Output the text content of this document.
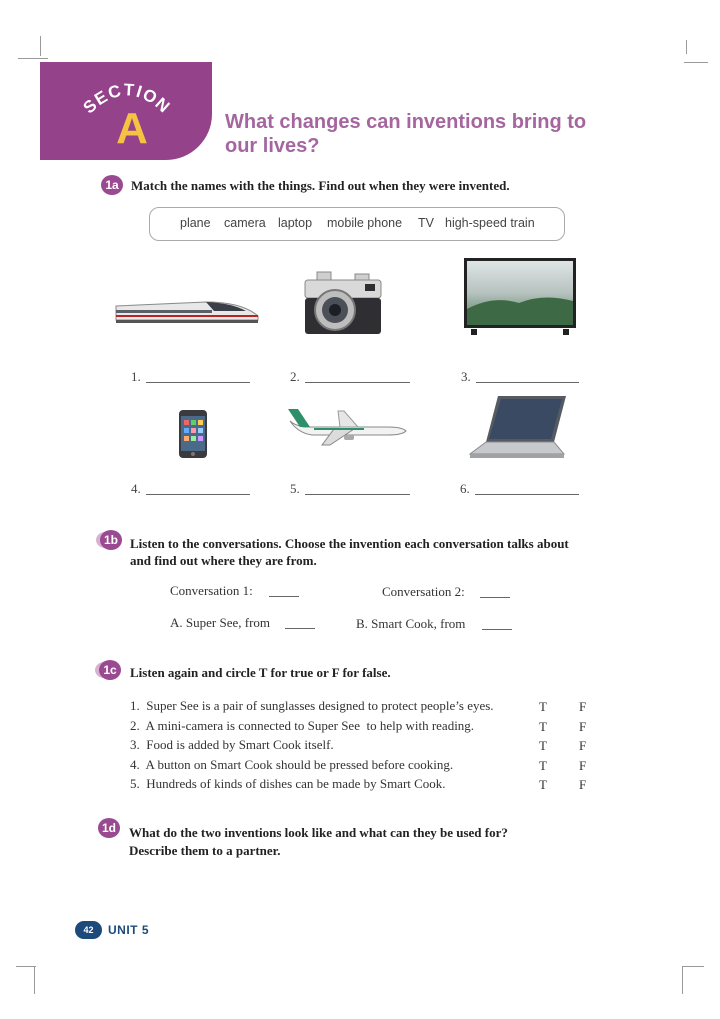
SECTION
A	What changes can inventions bring to our lives?
1a Match the names with the things. Find out when they were invented.
plane camera laptop mobile phone TV high-speed train
1.	2.	3.
4.	5.	6.
1b Listen to the conversations. Choose the invention each conversation talks about and find out where they are from.
Conversation 1:	Conversation 2:
A. Super See, from	B. Smart Cook, from
1c	Listen again and circle T for true or F for false.
1.  Super See is a pair of sunglasses designed to protect people’s eyes.	T F
2.  A mini-camera is connected to Super See  to help with reading.	T F
3.  Food is added by Smart Cook itself.	T F
4.  A button on Smart Cook should be pressed before cooking.	T F
5.  Hundreds of kinds of dishes can be made by Smart Cook.	T F
1d	What do the two inventions look like and what can they be used for?
Describe them to a partner.
42	UNIT 5
